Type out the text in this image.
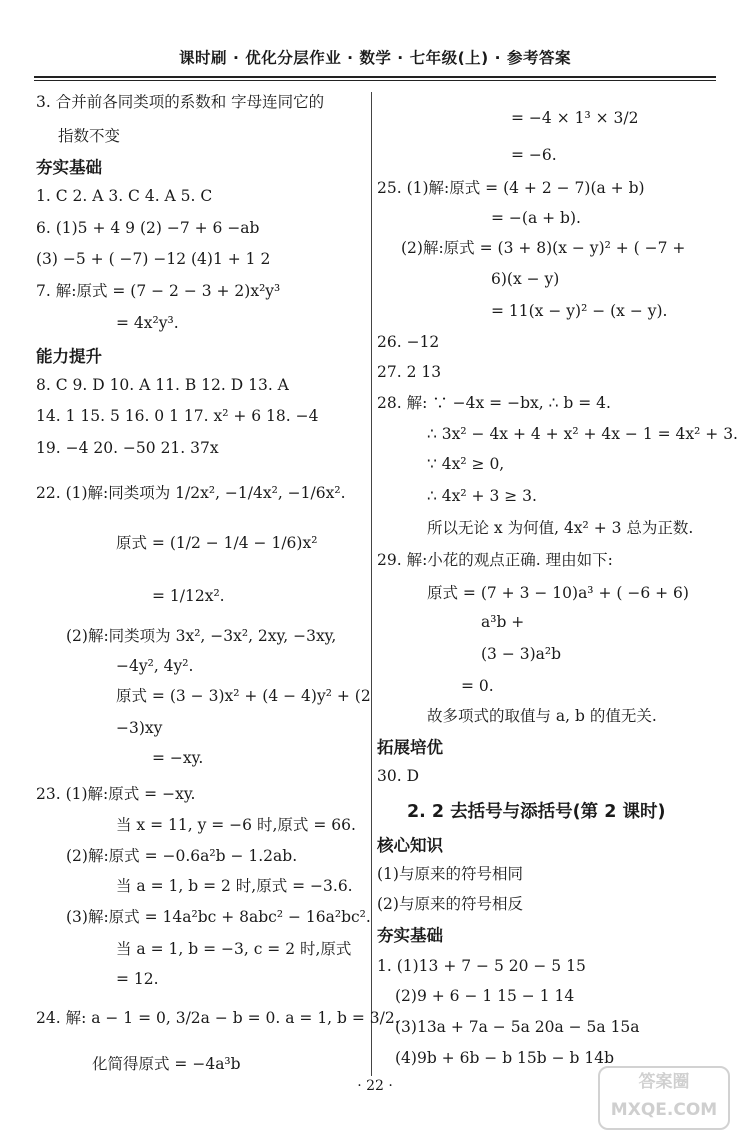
课时刷 · 优化分层作业 · 数学 · 七年级(上) · 参考答案
3. 合并前各同类项的系数和 字母连同它的
指数不变
夯实基础
1. C 2. A 3. C 4. A 5. C
6. (1)5 + 4 9 (2) −7 + 6 −ab
(3) −5 + ( −7) −12 (4)1 + 1 2
7. 解:原式 = (7 − 2 − 3 + 2)x²y³
= 4x²y³.
能力提升
8. C 9. D 10. A 11. B 12. D 13. A
14. 1 15. 5 16. 0 1 17. x² + 6 18. −4
19. −4 20. −50 21. 37x
22. (1)解:同类项为 1/2x², −1/4x², −1/6x².
原式 = (1/2 − 1/4 − 1/6)x²
= 1/12x².
(2)解:同类项为 3x², −3x², 2xy, −3xy,
−4y², 4y².
原式 = (3 − 3)x² + (4 − 4)y² + (2
−3)xy
= −xy.
23. (1)解:原式 = −xy.
当 x = 11, y = −6 时,原式 = 66.
(2)解:原式 = −0.6a²b − 1.2ab.
当 a = 1, b = 2 时,原式 = −3.6.
(3)解:原式 = 14a²bc + 8abc² − 16a²bc².
当 a = 1, b = −3, c = 2 时,原式
= 12.
24. 解: a − 1 = 0, 3/2a − b = 0. a = 1, b = 3/2.
化简得原式 = −4a³b
= −4 × 1³ × 3/2
= −6.
25. (1)解:原式 = (4 + 2 − 7)(a + b)
= −(a + b).
(2)解:原式 = (3 + 8)(x − y)² + ( −7 +
6)(x − y)
= 11(x − y)² − (x − y).
26. −12
27. 2 13
28. 解: ∵ −4x = −bx, ∴ b = 4.
∴ 3x² − 4x + 4 + x² + 4x − 1 = 4x² + 3.
∵ 4x² ≥ 0,
∴ 4x² + 3 ≥ 3.
所以无论 x 为何值, 4x² + 3 总为正数.
29. 解:小花的观点正确. 理由如下:
原式 = (7 + 3 − 10)a³ + ( −6 + 6)
a³b +
(3 − 3)a²b
= 0.
故多项式的取值与 a, b 的值无关.
拓展培优
30. D
2. 2 去括号与添括号(第 2 课时)
核心知识
(1)与原来的符号相同
(2)与原来的符号相反
夯实基础
1. (1)13 + 7 − 5 20 − 5 15
(2)9 + 6 − 1 15 − 1 14
(3)13a + 7a − 5a 20a − 5a 15a
(4)9b + 6b − b 15b − b 14b
· 22 ·	答案圈
MXQE.COM
